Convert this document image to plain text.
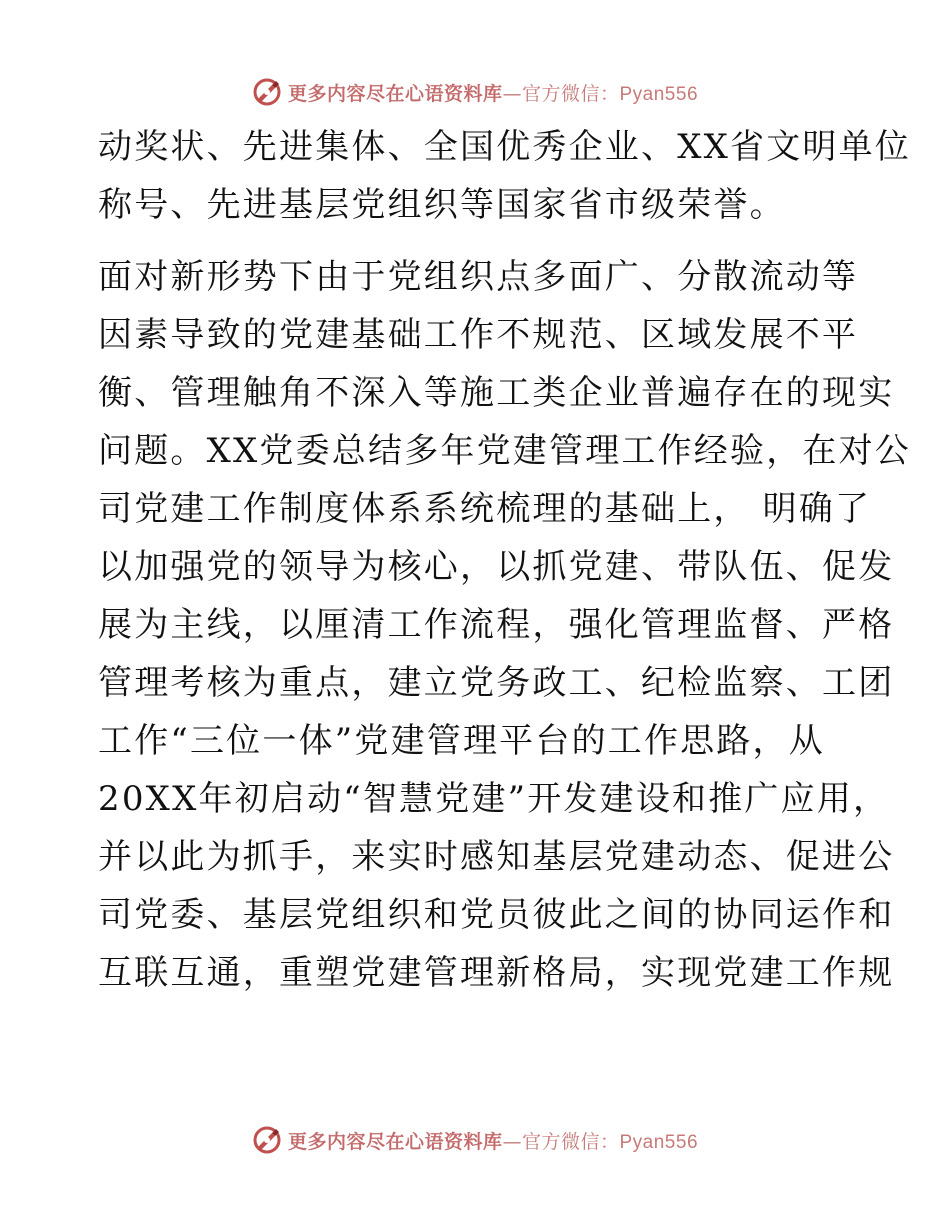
更多内容尽在心语资料库—官方微信：Pyan556
动奖状、先进集体、全国优秀企业、XX省文明单位
称号、先进基层党组织等国家省市级荣誉。
面对新形势下由于党组织点多面广、分散流动等
因素导致的党建基础工作不规范、区域发展不平
衡、管理触角不深入等施工类企业普遍存在的现实
问题。XX党委总结多年党建管理工作经验，在对公
司党建工作制度体系系统梳理的基础上， 明确了
以加强党的领导为核心，以抓党建、带队伍、促发
展为主线，以厘清工作流程，强化管理监督、严格
管理考核为重点，建立党务政工、纪检监察、工团
工作“三位一体”党建管理平台的工作思路，从
20XX年初启动“智慧党建”开发建设和推广应用，
并以此为抓手，来实时感知基层党建动态、促进公
司党委、基层党组织和党员彼此之间的协同运作和
互联互通，重塑党建管理新格局，实现党建工作规
更多内容尽在心语资料库—官方微信：Pyan556
